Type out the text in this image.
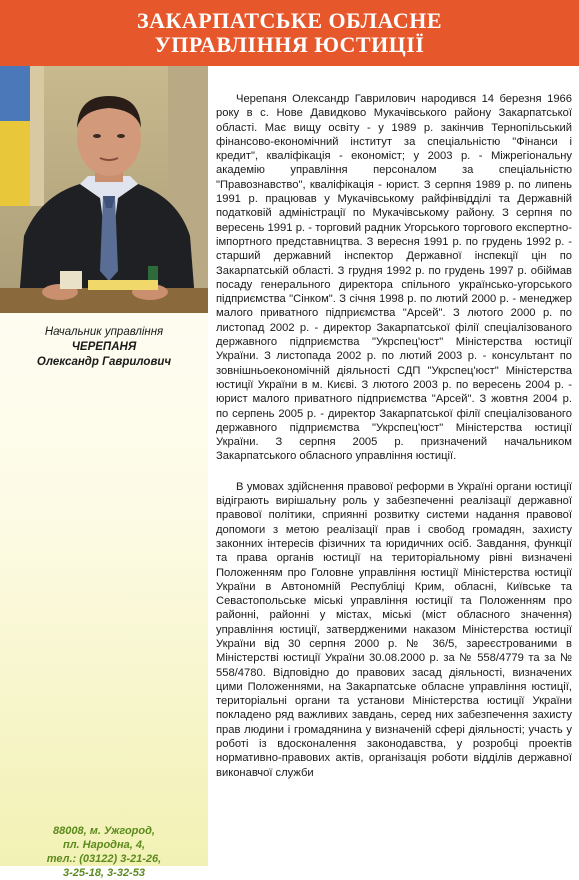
ЗАКАРПАТСЬКЕ ОБЛАСНЕ
УПРАВЛІННЯ ЮСТИЦІЇ
Начальник управління
ЧЕРЕПАНЯ
Олександр Гаврилович
88008, м. Ужгород,
пл. Народна, 4,
тел.: (03122) 3-21-26,
3-25-18, 3-32-53

Черепаня Олександр Гаврилович народився 14 березня 1966 року в с. Нове Давидково Мукачівського району Закарпатської області. Має вищу освіту - у 1989 р. закінчив Тернопільський фінансово-економічний інститут за спеціальністю "Фінанси і кредит", кваліфікація - економіст; у 2003 р. - Міжрегіональну академію управління персоналом за спеціальністю "Правознавство", кваліфікація - юрист. З серпня 1989 р. по липень 1991 р. працював у Мукачівському райфінвідділі та Державній податковій адміністрації по Мукачівському району. З серпня по вересень 1991 р. - торговий радник Угорського торгового експертно-імпортного представництва. З вересня 1991 р. по грудень 1992 р. - старший державний інспектор Державної інспекції цін по Закарпатській області. З грудня 1992 р. по грудень 1997 р. обіймав посаду генерального директора спільного українсько-угорського підприємства "Сінком". З січня 1998 р. по лютий 2000 р. - менеджер малого приватного підприємства "Арсей". З лютого 2000 р. по листопад 2002 р. - директор Закарпатської філії спеціалізованого державного підприємства "Укрспец'юст" Міністерства юстиції України. З листопада 2002 р. по лютий 2003 р. - консультант по зовнішньоекономічній діяльності СДП "Укрспец'юст" Міністерства юстиції України в м. Києві. З лютого 2003 р. по вересень 2004 р. - юрист малого приватного підприємства "Арсей". З жовтня 2004 р. по серпень 2005 р. - директор Закарпатської філії спеціалізованого державного підприємства "Укрспец'юст" Міністерства юстиції України. З серпня 2005 р. призначений начальником Закарпатського обласного управління юстиції.

В умовах здійснення правової реформи в Україні органи юстиції відіграють вирішальну роль у забезпеченні реалізації державної правової політики, сприянні розвитку системи надання правової допомоги з метою реалізації прав і свобод громадян, захисту законних інтересів фізичних та юридичних осіб. Завдання, функції та права органів юстиції на територіальному рівні визначені Положенням про Головне управління юстиції Міністерства юстиції України в Автономній Республіці Крим, обласні, Київське та Севастопольське міські управління юстиції та Положенням про районні, районні у містах, міські (міст обласного значення) управління юстиції, затвердженими наказом Міністерства юстиції України від 30 серпня 2000 р. № 36/5, зареєстрованими в Міністерстві юстиції України 30.08.2000 р. за № 558/4779 та за № 558/4780. Відповідно до правових засад діяльності, визначених цими Положеннями, на Закарпатське обласне управління юстиції, територіальні органи та установи Міністерства юстиції України покладено ряд важливих завдань, серед них забезпечення захисту прав людини і громадянина у визначеній сфері діяльності; участь у роботі із вдосконалення законодавства, у розробці проектів нормативно-правових актів, організація роботи відділів державної виконавчої служби
